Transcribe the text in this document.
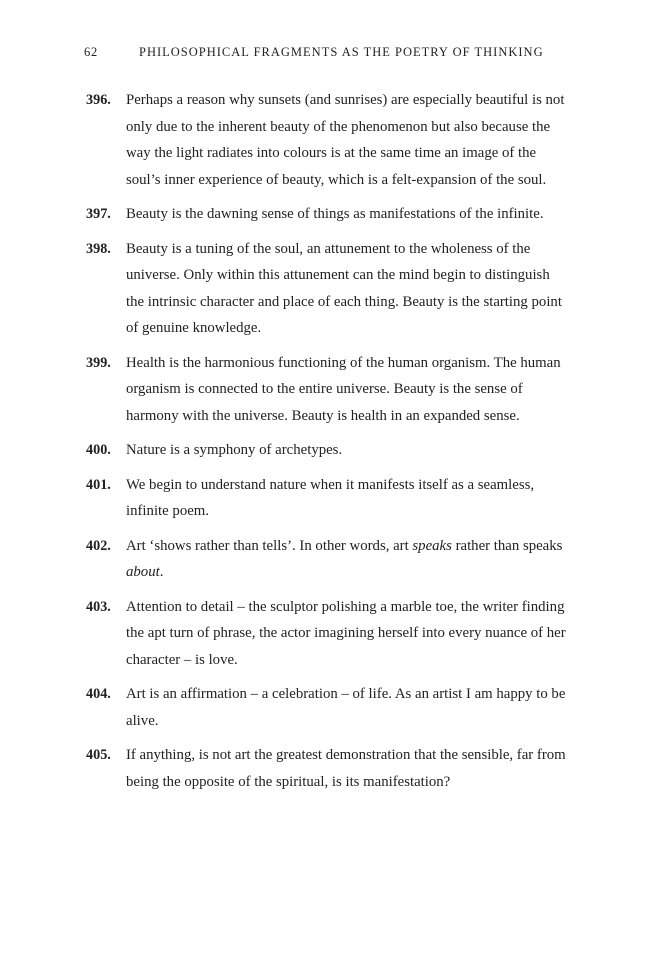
62	PHILOSOPHICAL FRAGMENTS AS THE POETRY OF THINKING
396.	Perhaps a reason why sunsets (and sunrises) are especially beautiful is not only due to the inherent beauty of the phenomenon but also because the way the light radiates into colours is at the same time an image of the soul’s inner experience of beauty, which is a felt-expansion of the soul.
397.	Beauty is the dawning sense of things as manifestations of the infinite.
398.	Beauty is a tuning of the soul, an attunement to the wholeness of the universe. Only within this attunement can the mind begin to distinguish the intrinsic character and place of each thing. Beauty is the starting point of genuine knowledge.
399.	Health is the harmonious functioning of the human organism. The human organism is connected to the entire universe. Beauty is the sense of harmony with the universe. Beauty is health in an expanded sense.
400.	Nature is a symphony of archetypes.
401.	We begin to understand nature when it manifests itself as a seamless, infinite poem.
402.	Art ‘shows rather than tells’. In other words, art speaks rather than speaks about.
403.	Attention to detail – the sculptor polishing a marble toe, the writer finding the apt turn of phrase, the actor imagining herself into every nuance of her character – is love.
404.	Art is an affirmation – a celebration – of life. As an artist I am happy to be alive.
405.	If anything, is not art the greatest demonstration that the sensible, far from being the opposite of the spiritual, is its manifestation?
